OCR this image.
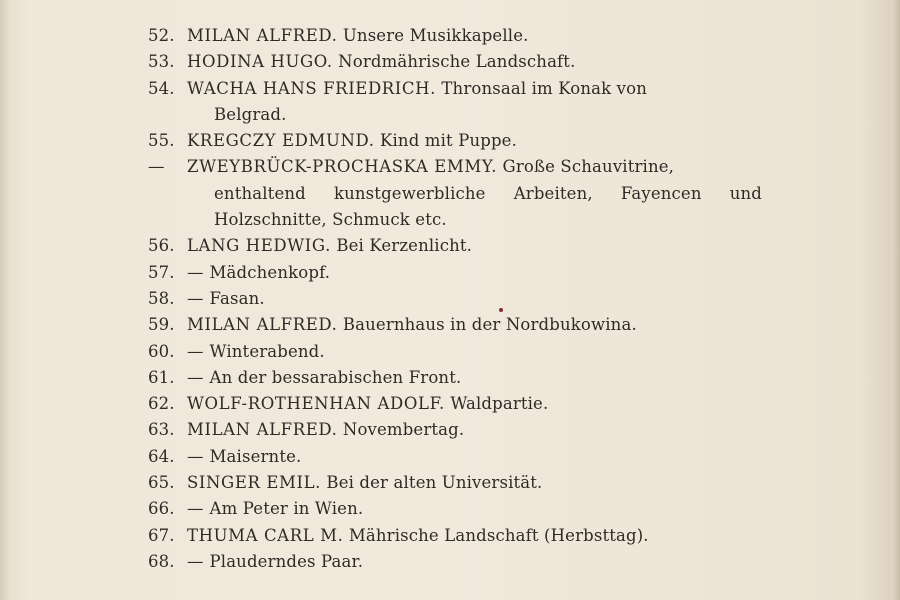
52. MILAN ALFRED. Unsere Musikkapelle.
53. HODINA HUGO. Nordmährische Landschaft.
54. WACHA HANS FRIEDRICH. Thronsaal im Konak von
Belgrad.
55. KREGCZY EDMUND. Kind mit Puppe.
—	ZWEYBRÜCK-PROCHASKA EMMY. Große Schauvitrine,
enthaltend kunstgewerbliche Arbeiten, Fayencen und Holzschnitte, Schmuck etc.
56. LANG HEDWIG. Bei Kerzenlicht.
57. — Mädchenkopf.
58. — Fasan.
59. MILAN ALFRED. Bauernhaus in der Nordbukowina.
60. — Winterabend.
61. — An der bessarabischen Front.
62. WOLF-ROTHENHAN ADOLF. Waldpartie.
63. MILAN ALFRED. Novembertag.
64. — Maisernte.
65. SINGER EMIL. Bei der alten Universität.
66. — Am Peter in Wien.
67. THUMA CARL M. Mährische Landschaft (Herbsttag).
68. — Plauderndes Paar.
